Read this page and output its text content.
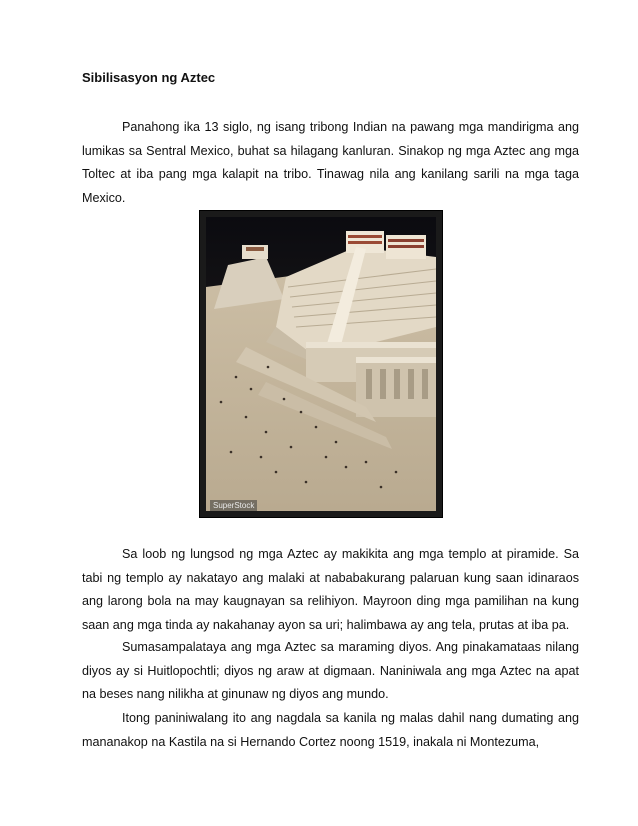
Sibilisasyon ng Aztec

Panahong ika 13 siglo, ng isang tribong Indian na pawang mga mandirigma ang lumikas sa Sentral Mexico, buhat sa hilagang kanluran. Sinakop ng mga Aztec ang mga Toltec at iba pang mga kalapit na tribo. Tinawag nila ang kanilang sarili na mga taga Mexico.

SuperStock

Sa loob ng lungsod ng mga Aztec ay makikita ang mga templo at piramide. Sa tabi ng templo ay nakatayo ang malaki at nababakurang palaruan kung saan idinaraos ang larong bola na may kaugnayan sa relihiyon. Mayroon ding mga pamilihan na kung saan ang mga tinda ay nakahanay ayon sa uri; halimbawa ay ang tela, prutas at iba pa.

Sumasampalataya ang mga Aztec sa maraming diyos. Ang pinakamataas nilang diyos ay si Huitlopochtli; diyos ng araw at digmaan. Naniniwala ang mga Aztec na apat na beses nang nilikha at ginunaw ng diyos ang mundo.

Itong paniniwalang ito ang nagdala sa kanila ng malas dahil nang dumating ang mananakop na Kastila na si Hernando Cortez noong 1519, inakala ni Montezuma,
